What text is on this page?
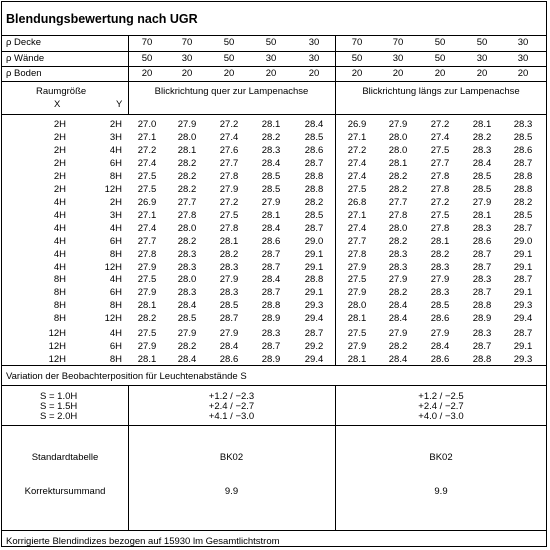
Blendungsbewertung nach UGR
ρ Decke	70	70	50	50	30	70	70	50	50	30
ρ Wände	50	30	50	30	30	50	30	50	30	30
ρ Boden	20	20	20	20	20	20	20	20	20	20
Raumgröße
X	Y
Blickrichtung quer zur Lampenachse	Blickrichtung längs zur Lampenachse
2H	2H	27.0	27.9	27.2	28.1	28.4	26.9	27.9	27.2	28.1	28.3
2H	3H	27.1	28.0	27.4	28.2	28.5	27.1	28.0	27.4	28.2	28.5
2H	4H	27.2	28.1	27.6	28.3	28.6	27.2	28.0	27.5	28.3	28.6
2H	6H	27.4	28.2	27.7	28.4	28.7	27.4	28.1	27.7	28.4	28.7
2H	8H	27.5	28.2	27.8	28.5	28.8	27.4	28.2	27.8	28.5	28.8
2H	12H	27.5	28.2	27.9	28.5	28.8	27.5	28.2	27.8	28.5	28.8
4H	2H	26.9	27.7	27.2	27.9	28.2	26.8	27.7	27.2	27.9	28.2
4H	3H	27.1	27.8	27.5	28.1	28.5	27.1	27.8	27.5	28.1	28.5
4H	4H	27.4	28.0	27.8	28.4	28.7	27.4	28.0	27.8	28.3	28.7
4H	6H	27.7	28.2	28.1	28.6	29.0	27.7	28.2	28.1	28.6	29.0
4H	8H	27.8	28.3	28.2	28.7	29.1	27.8	28.3	28.2	28.7	29.1
4H	12H	27.9	28.3	28.3	28.7	29.1	27.9	28.3	28.3	28.7	29.1
8H	4H	27.5	28.0	27.9	28.4	28.8	27.5	27.9	27.9	28.3	28.7
8H	6H	27.9	28.3	28.3	28.7	29.1	27.9	28.2	28.3	28.7	29.1
8H	8H	28.1	28.4	28.5	28.8	29.3	28.0	28.4	28.5	28.8	29.3
8H	12H	28.2	28.5	28.7	28.9	29.4	28.1	28.4	28.6	28.9	29.4
12H	4H	27.5	27.9	27.9	28.3	28.7	27.5	27.9	27.9	28.3	28.7
12H	6H	27.9	28.2	28.4	28.7	29.2	27.9	28.2	28.4	28.7	29.1
12H	8H	28.1	28.4	28.6	28.9	29.4	28.1	28.4	28.6	28.8	29.3
Variation der Beobachterposition für Leuchtenabstände S
S = 1.0H	+1.2 / −2.3	+1.2 / −2.5
S = 1.5H	+2.4 / −2.7	+2.4 / −2.7
S = 2.0H	+4.1 / −3.0	+4.0 / −3.0
Standardtabelle	BK02	BK02
Korrektursummand	9.9	9.9
Korrigierte Blendindizes bezogen auf 15930 lm Gesamtlichtstrom
